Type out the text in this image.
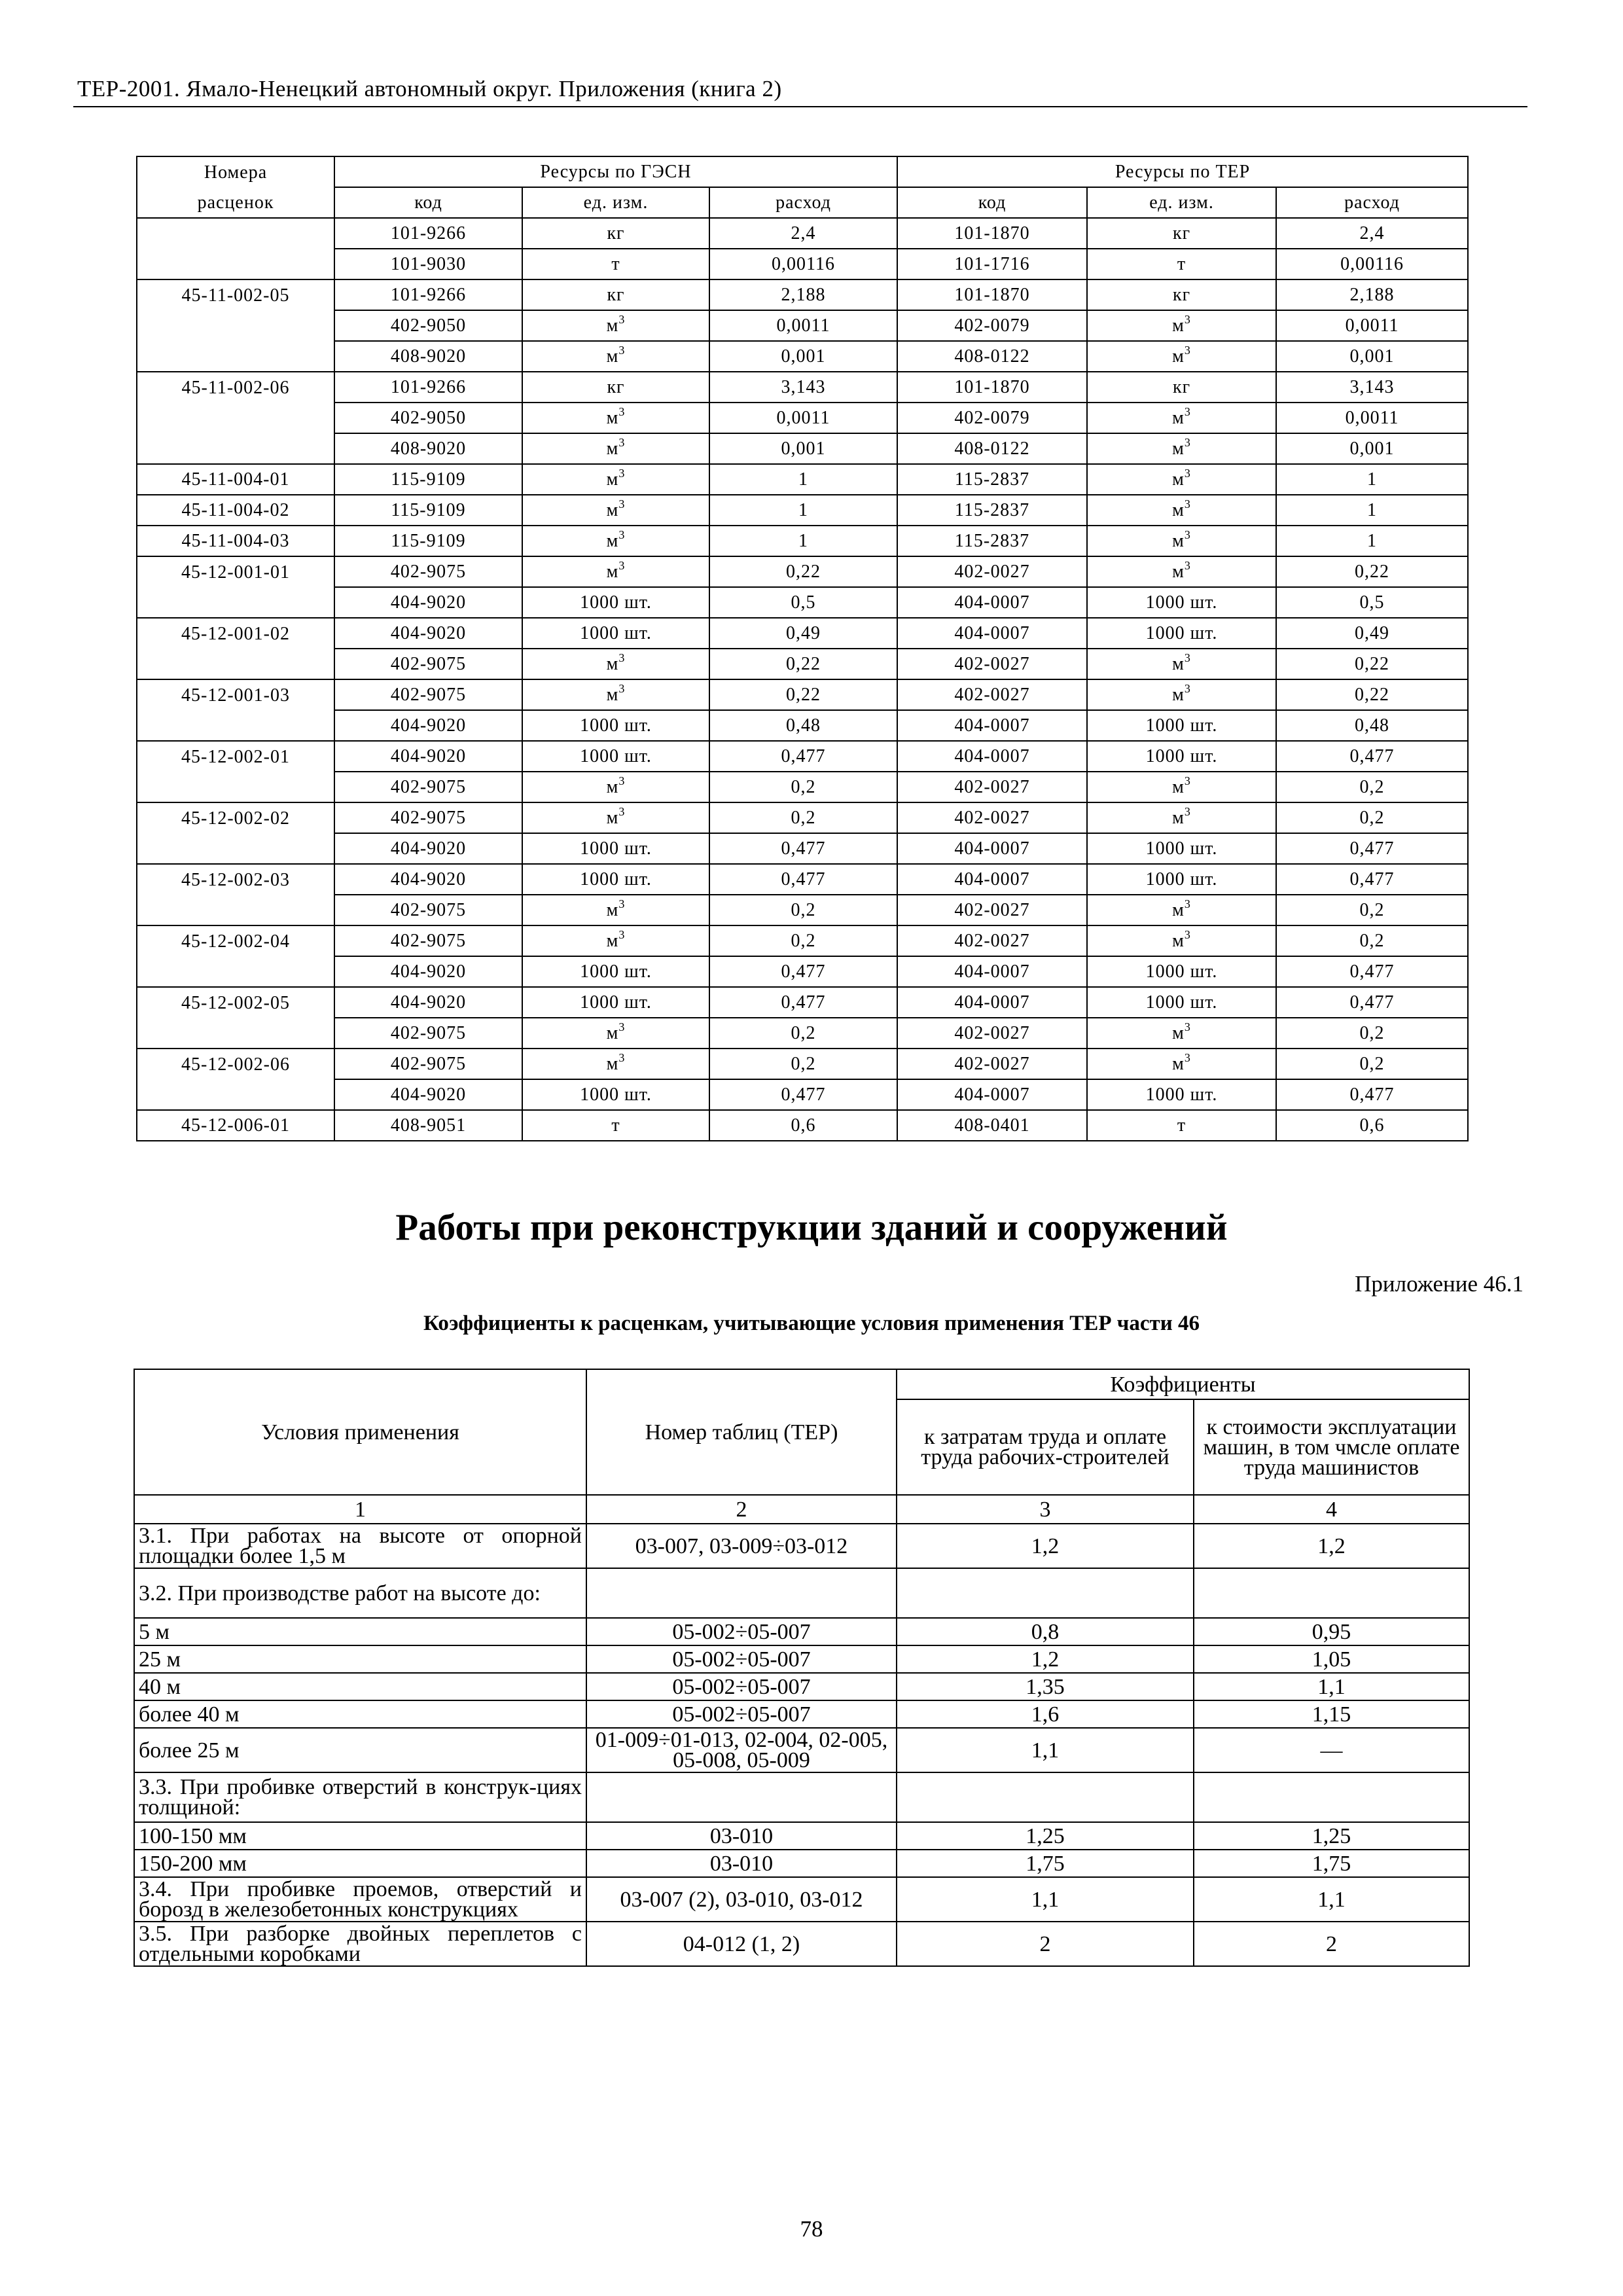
ТЕР-2001. Ямало-Ненецкий автономный округ. Приложения (книга 2)
Номера	Ресурсы по ГЭСН			Ресурсы по ТЕР		
расценок	код	ед. изм.	расход	код	ед. изм.	расход
	101-9266	кг	2,4	101-1870	кг	2,4
	101-9030	т	0,00116	101-1716	т	0,00116
45-11-002-05	101-9266	кг	2,188	101-1870	кг	2,188
	402-9050	$м^3$	0,0011	402-0079	$м^3$	0,0011
	408-9020	$м^3$	0,001	408-0122	$м^3$	0,001
45-11-002-06	101-9266	кг	3,143	101-1870	кг	3,143
	402-9050	$м^3$	0,0011	402-0079	$м^3$	0,0011
	408-9020	$м^3$	0,001	408-0122	$м^3$	0,001
45-11-004-01	115-9109	$м^3$	1	115-2837	$м^3$	1
45-11-004-02	115-9109	$м^3$	1	115-2837	$м^3$	1
45-11-004-03	115-9109	$м^3$	1	115-2837	$м^3$	1
45-12-001-01	402-9075	$м^3$	0,22	402-0027	$м^3$	0,22
	404-9020	1000 шт.	0,5	404-0007	1000 шт.	0,5
45-12-001-02	404-9020	1000 шт.	0,49	404-0007	1000 шт.	0,49
	402-9075	$м^3$	0,22	402-0027	$м^3$	0,22
45-12-001-03	402-9075	$м^3$	0,22	402-0027	$м^3$	0,22
	404-9020	1000 шт.	0,48	404-0007	1000 шт.	0,48
45-12-002-01	404-9020	1000 шт.	0,477	404-0007	1000 шт.	0,477
	402-9075	$м^3$	0,2	402-0027	$м^3$	0,2
45-12-002-02	402-9075	$м^3$	0,2	402-0027	$м^3$	0,2
	404-9020	1000 шт.	0,477	404-0007	1000 шт.	0,477
45-12-002-03	404-9020	1000 шт.	0,477	404-0007	1000 шт.	0,477
	402-9075	$м^3$	0,2	402-0027	$м^3$	0,2
45-12-002-04	402-9075	$м^3$	0,2	402-0027	$м^3$	0,2
	404-9020	1000 шт.	0,477	404-0007	1000 шт.	0,477
45-12-002-05	404-9020	1000 шт.	0,477	404-0007	1000 шт.	0,477
	402-9075	$м^3$	0,2	402-0027	$м^3$	0,2
45-12-002-06	402-9075	$м^3$	0,2	402-0027	$м^3$	0,2
	404-9020	1000 шт.	0,477	404-0007	1000 шт.	0,477
45-12-006-01	408-9051	т	0,6	408-0401	т	0,6
Работы при реконструкции зданий и сооружений
Приложение 46.1
Коэффициенты к расценкам, учитывающие условия применения ТЕР части 46
Условия применения	Номер таблиц (ТЕР)	Коэффициенты	
		к затратам труда и оплате труда рабочих-строителей	к стоимости эксплуатации машин, в том чмсле оплате труда машинистов
1	2	3	4
3.1. При работах на высоте от опорной площадки более 1,5 м	03-007, 03-009÷03-012	1,2	1,2
3.2. При производстве работ на высоте до:			
5 м	05-002÷05-007	0,8	0,95
25 м	05-002÷05-007	1,2	1,05
40 м	05-002÷05-007	1,35	1,1
более 40 м	05-002÷05-007	1,6	1,15
более 25 м	01-009÷01-013, 02-004, 02-005, 05-008, 05-009	1,1	—
3.3. При пробивке отверстий в конструк-циях толщиной:			
100-150 мм	03-010	1,25	1,25
150-200 мм	03-010	1,75	1,75
3.4. При пробивке проемов, отверстий и борозд в железобетонных конструкциях	03-007 (2), 03-010, 03-012	1,1	1,1
3.5. При разборке двойных переплетов с отдельными коробками	04-012 (1, 2)	2	2
78
